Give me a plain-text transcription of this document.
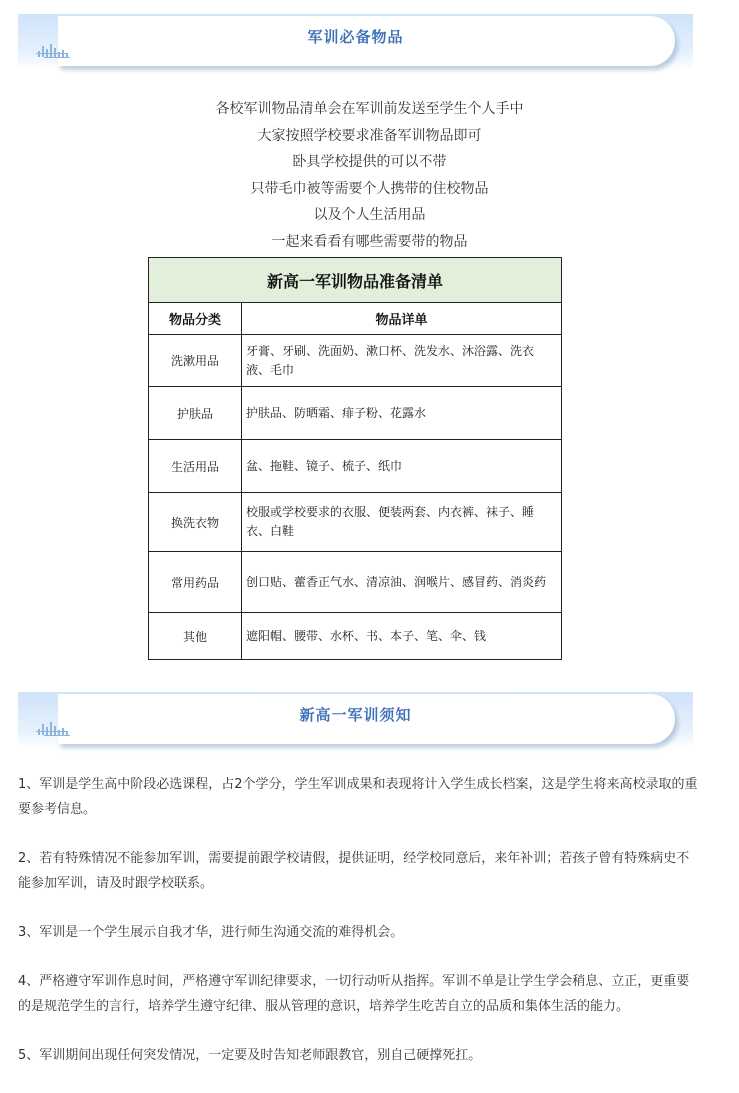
军训必备物品
各校军训物品清单会在军训前发送至学生个人手中
大家按照学校要求准备军训物品即可
卧具学校提供的可以不带
只带毛巾被等需要个人携带的住校物品
以及个人生活用品
一起来看看有哪些需要带的物品
新高一军训物品准备清单	
物品分类	物品详单
洗漱用品	牙膏、牙刷、洗面奶、漱口杯、洗发水、沐浴露、洗衣液、毛巾
护肤品	护肤品、防晒霜、痱子粉、花露水
生活用品	盆、拖鞋、镜子、梳子、纸巾
换洗衣物	校服或学校要求的衣服、便装两套、内衣裤、袜子、睡衣、白鞋
常用药品	创口贴、藿香正气水、清凉油、润喉片、感冒药、消炎药
其他	遮阳帽、腰带、水杯、书、本子、笔、伞、钱
新高一军训须知

1、军训是学生高中阶段必选课程，占2个学分，学生军训成果和表现将计入学生成长档案，这是学生将来高校录取的重要参考信息。

2、若有特殊情况不能参加军训，需要提前跟学校请假，提供证明，经学校同意后，来年补训；若孩子曾有特殊病史不能参加军训，请及时跟学校联系。

3、军训是一个学生展示自我才华，进行师生沟通交流的难得机会。

4、严格遵守军训作息时间，严格遵守军训纪律要求，一切行动听从指挥。军训不单是让学生学会稍息、立正，更重要的是规范学生的言行，培养学生遵守纪律、服从管理的意识，培养学生吃苦自立的品质和集体生活的能力。

5、军训期间出现任何突发情况，一定要及时告知老师跟教官，别自己硬撑死扛。
